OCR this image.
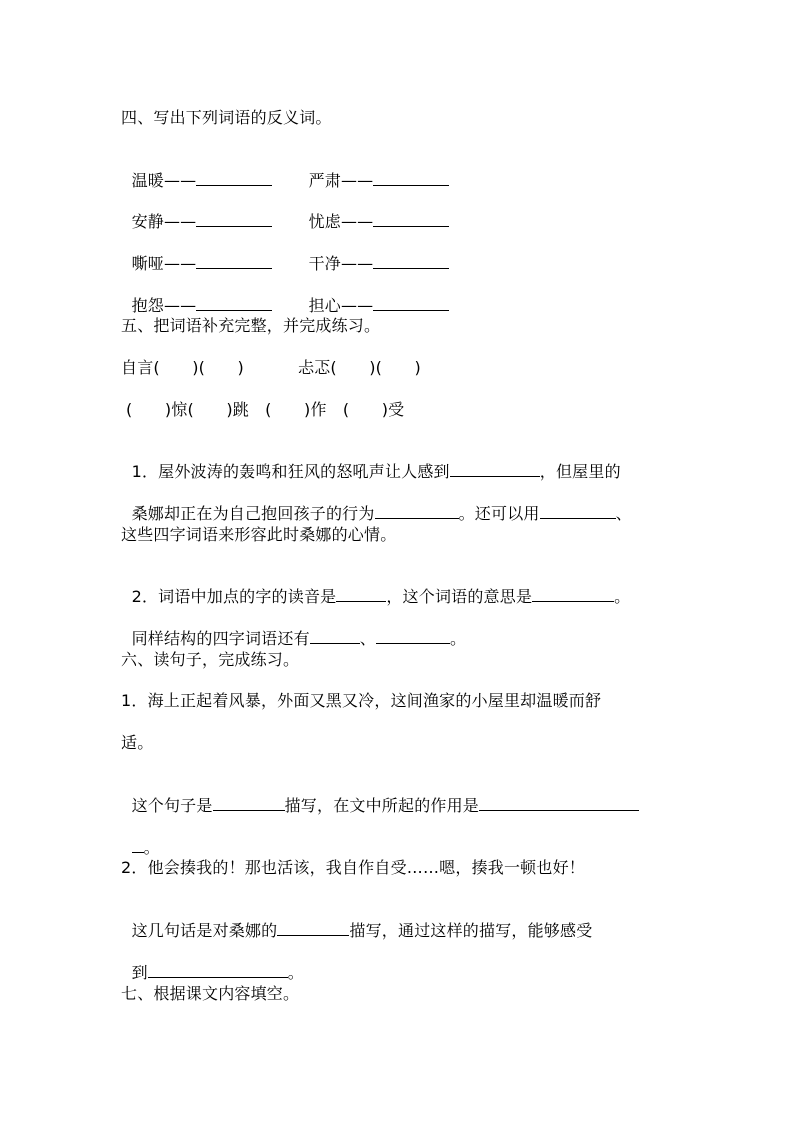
四、写出下列词语的反义词。

温暖——	严肃——

安静——	忧虑——

嘶哑——	干净——

抱怨——	担心——

五、把词语补充完整，并完成练习。
自言(　　)(　　)	忐忑(　　)(　　)
(　　)惊(　　)跳　(　　)作　(　　)受

1．屋外波涛的轰鸣和狂风的怒吼声让人感到	，但屋里的

桑娜却正在为自己抱回孩子的行为	。还可以用	、

这些四字词语来形容此时桑娜的心情。

2．词语中加点的字的读音是	，这个词语的意思是	。

同样结构的四字词语还有	、	。

六、读句子，完成练习。
1．海上正起着风暴，外面又黑又冷，这间渔家的小屋里却温暖而舒
适。

这个句子是	描写，在文中所起的作用是

。

2．他会揍我的！那也活该，我自作自受……嗯，揍我一顿也好！

这几句话是对桑娜的	描写，通过这样的描写，能够感受

到	。

七、根据课文内容填空。
